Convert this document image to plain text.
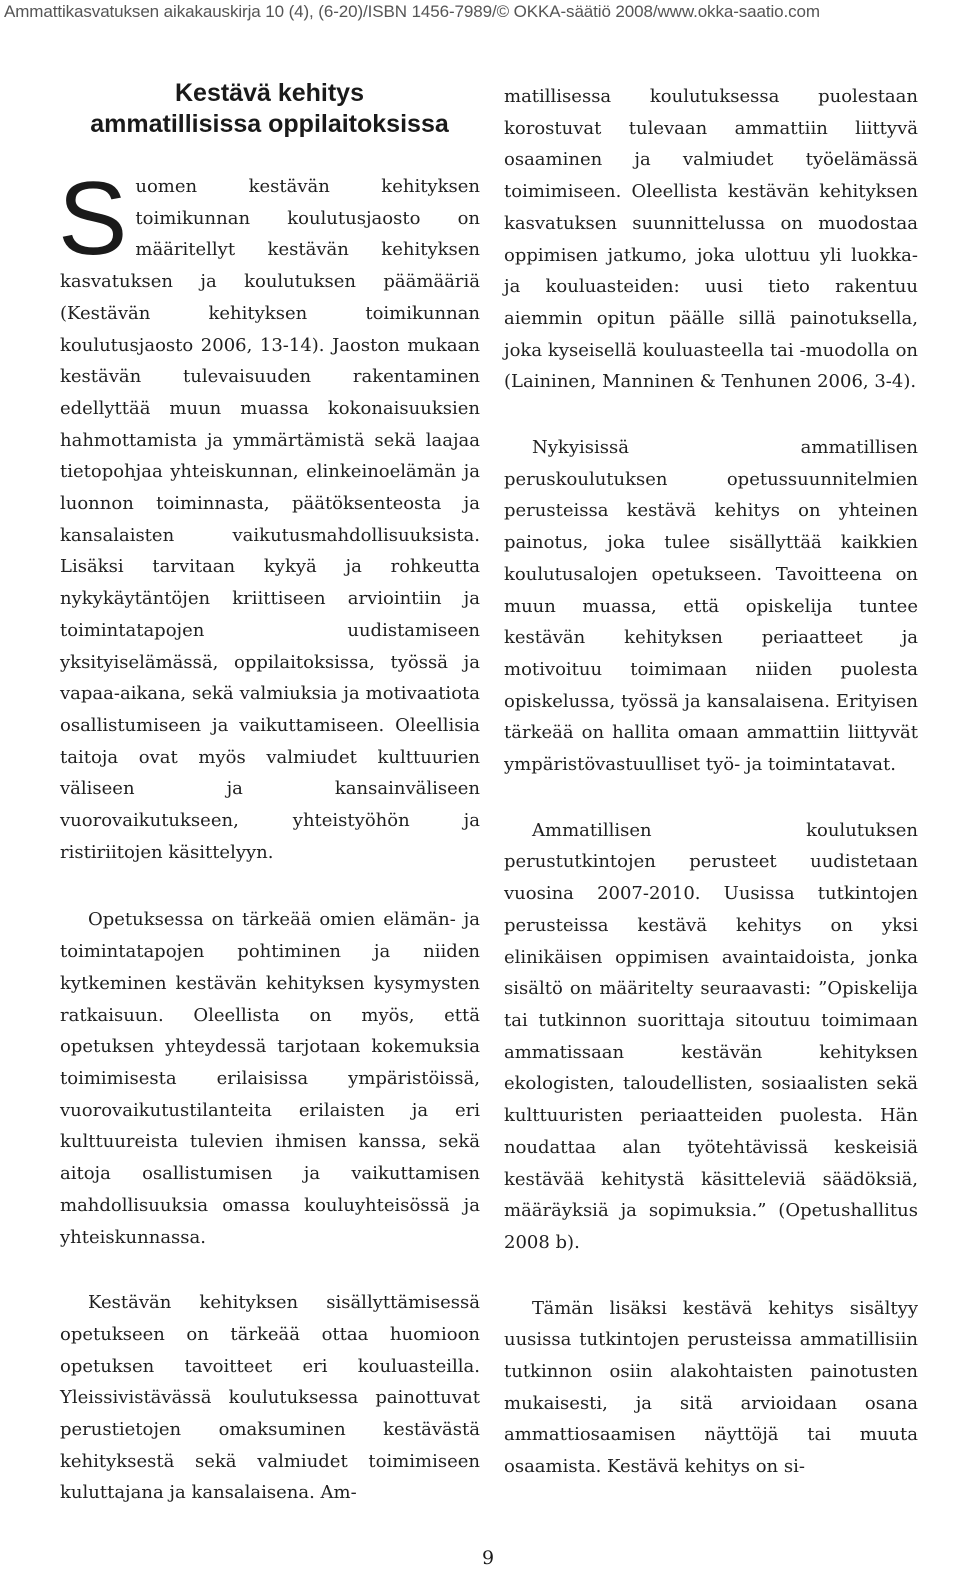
Ammattikasvatuksen aikakauskirja 10 (4), (6-20)/ISBN 1456-7989/© OKKA-säätiö 2008/www.okka-saatio.com
Kestävä kehitys
ammatillisissa oppilaitoksissa

Suomen kestävän kehityksen toimikunnan koulutusjaosto on määritellyt kestävän kehityksen kasvatuksen ja koulutuksen päämääriä (Kestävän kehityksen toimikunnan koulutusjaosto 2006, 13-14). Jaoston mukaan kestävän tulevaisuuden rakentaminen edellyttää muun muassa kokonaisuuksien hahmottamista ja ymmärtämistä sekä laajaa tietopohjaa yhteiskunnan, elinkeinoelämän ja luonnon toiminnasta, päätöksenteosta ja kansalaisten vaikutusmahdollisuuksista. Lisäksi tarvitaan kykyä ja rohkeutta nykykäytäntöjen kriittiseen arviointiin ja toimintatapojen uudistamiseen yksityiselämässä, oppilaitoksissa, työssä ja vapaa-aikana, sekä valmiuksia ja motivaatiota osallistumiseen ja vaikuttamiseen. Oleellisia taitoja ovat myös valmiudet kulttuurien väliseen ja kansainväliseen vuorovaikutukseen, yhteistyöhön ja ristiriitojen käsittelyyn.

Opetuksessa on tärkeää omien elämän- ja toimintatapojen pohtiminen ja niiden kytkeminen kestävän kehityksen kysymysten ratkaisuun. Oleellista on myös, että opetuksen yhteydessä tarjotaan kokemuksia toimimisesta erilaisissa ympäristöissä, vuorovaikutustilanteita erilaisten ja eri kulttuureista tulevien ihmisen kanssa, sekä aitoja osallistumisen ja vaikuttamisen mahdollisuuksia omassa kouluyhteisössä ja yhteiskunnassa.

Kestävän kehityksen sisällyttämisessä opetukseen on tärkeää ottaa huomioon opetuksen tavoitteet eri kouluasteilla. Yleissivistävässä koulutuksessa painottuvat perustietojen omaksuminen kestävästä kehityksestä sekä valmiudet toimimiseen kuluttajana ja kansalaisena. Am-

matillisessa koulutuksessa puolestaan korostuvat tulevaan ammattiin liittyvä osaaminen ja valmiudet työelämässä toimimiseen. Oleellista kestävän kehityksen kasvatuksen suunnittelussa on muodostaa oppimisen jatkumo, joka ulottuu yli luokka- ja kouluasteiden: uusi tieto rakentuu aiemmin opitun päälle sillä painotuksella, joka kyseisellä kouluasteella tai -muodolla on (Laininen, Manninen & Tenhunen 2006, 3-4).

Nykyisissä ammatillisen peruskoulutuksen opetussuunnitelmien perusteissa kestävä kehitys on yhteinen painotus, joka tulee sisällyttää kaikkien koulutusalojen opetukseen. Tavoitteena on muun muassa, että opiskelija tuntee kestävän kehityksen periaatteet ja motivoituu toimimaan niiden puolesta opiskelussa, työssä ja kansalaisena. Erityisen tärkeää on hallita omaan ammattiin liittyvät ympäristövastuulliset työ- ja toimintatavat.

Ammatillisen koulutuksen perustutkintojen perusteet uudistetaan vuosina 2007-2010. Uusissa tutkintojen perusteissa kestävä kehitys on yksi elinikäisen oppimisen avaintaidoista, jonka sisältö on määritelty seuraavasti: ”Opiskelija tai tutkinnon suorittaja sitoutuu toimimaan ammatissaan kestävän kehityksen ekologisten, taloudellisten, sosiaalisten sekä kulttuuristen periaatteiden puolesta. Hän noudattaa alan työtehtävissä keskeisiä kestävää kehitystä käsitteleviä säädöksiä, määräyksiä ja sopimuksia.” (Opetushallitus 2008 b).

Tämän lisäksi kestävä kehitys sisältyy uusissa tutkintojen perusteissa ammatillisiin tutkinnon osiin alakohtaisten painotusten mukaisesti, ja sitä arvioidaan osana ammattiosaamisen näyttöjä tai muuta osaamista. Kestävä kehitys on si-

9
